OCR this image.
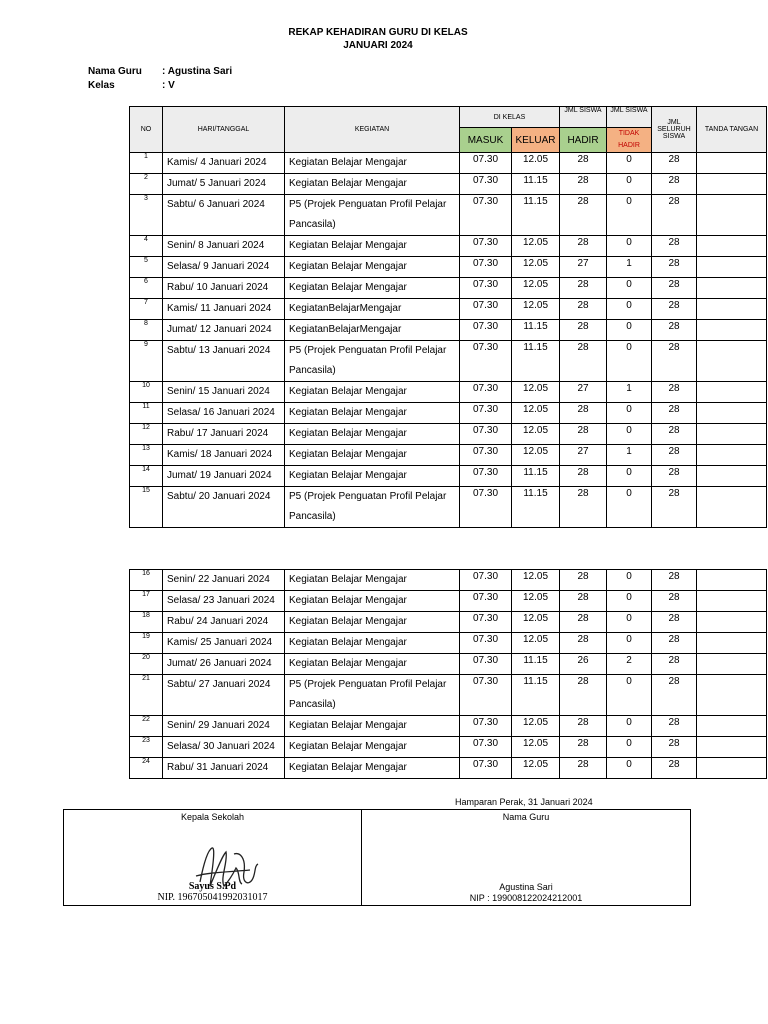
REKAP KEHADIRAN GURU DI KELAS
JANUARI 2024
Nama Guru : Agustina Sari
Kelas	: V
NO	HARI/TANGGAL	KEGIATAN	DI KELAS		JML SISWA	JML SISWA	JML SELURUH SISWA	TANDA TANGAN
			MASUK	KELUAR	HADIR	TIDAK HADIR		
1	Kamis/ 4 Januari 2024	Kegiatan Belajar Mengajar	07.30	12.05	28	0	28	
2	Jumat/ 5 Januari 2024	Kegiatan Belajar Mengajar	07.30	11.15	28	0	28	
3	Sabtu/ 6 Januari 2024	P5 (Projek Penguatan Profil Pelajar Pancasila)	07.30	11.15	28	0	28	
4	Senin/ 8 Januari 2024	Kegiatan Belajar Mengajar	07.30	12.05	28	0	28	
5	Selasa/ 9 Januari 2024	Kegiatan Belajar Mengajar	07.30	12.05	27	1	28	
6	Rabu/ 10 Januari 2024	Kegiatan Belajar Mengajar	07.30	12.05	28	0	28	
7	Kamis/ 11 Januari 2024	KegiatanBelajarMengajar	07.30	12.05	28	0	28	
8	Jumat/ 12 Januari 2024	KegiatanBelajarMengajar	07.30	11.15	28	0	28	
9	Sabtu/ 13 Januari 2024	P5 (Projek Penguatan Profil Pelajar Pancasila)	07.30	11.15	28	0	28	
10	Senin/ 15 Januari 2024	Kegiatan Belajar Mengajar	07.30	12.05	27	1	28	
11	Selasa/ 16 Januari 2024	Kegiatan Belajar Mengajar	07.30	12.05	28	0	28	
12	Rabu/ 17 Januari 2024	Kegiatan Belajar Mengajar	07.30	12.05	28	0	28	
13	Kamis/ 18 Januari 2024	Kegiatan Belajar Mengajar	07.30	12.05	27	1	28	
14	Jumat/ 19 Januari 2024	Kegiatan Belajar Mengajar	07.30	11.15	28	0	28	
15	Sabtu/ 20 Januari 2024	P5 (Projek Penguatan Profil Pelajar Pancasila)	07.30	11.15	28	0	28	
16	Senin/ 22 Januari 2024	Kegiatan Belajar Mengajar	07.30	12.05	28	0	28	
17	Selasa/ 23 Januari 2024	Kegiatan Belajar Mengajar	07.30	12.05	28	0	28	
18	Rabu/ 24 Januari 2024	Kegiatan Belajar Mengajar	07.30	12.05	28	0	28	
19	Kamis/ 25 Januari 2024	Kegiatan Belajar Mengajar	07.30	12.05	28	0	28	
20	Jumat/ 26 Januari 2024	Kegiatan Belajar Mengajar	07.30	11.15	26	2	28	
21	Sabtu/ 27 Januari 2024	P5 (Projek Penguatan Profil Pelajar Pancasila)	07.30	11.15	28	0	28	
22	Senin/ 29 Januari 2024	Kegiatan Belajar Mengajar	07.30	12.05	28	0	28	
23	Selasa/ 30 Januari 2024	Kegiatan Belajar Mengajar	07.30	12.05	28	0	28	
24	Rabu/ 31 Januari 2024	Kegiatan Belajar Mengajar	07.30	12.05	28	0	28	
Hamparan Perak, 31 Januari 2024
Kepala Sekolah
Sayus S.Pd
NIP. 196705041992031017

Nama Guru
Agustina Sari
NIP : 199008122024212001
